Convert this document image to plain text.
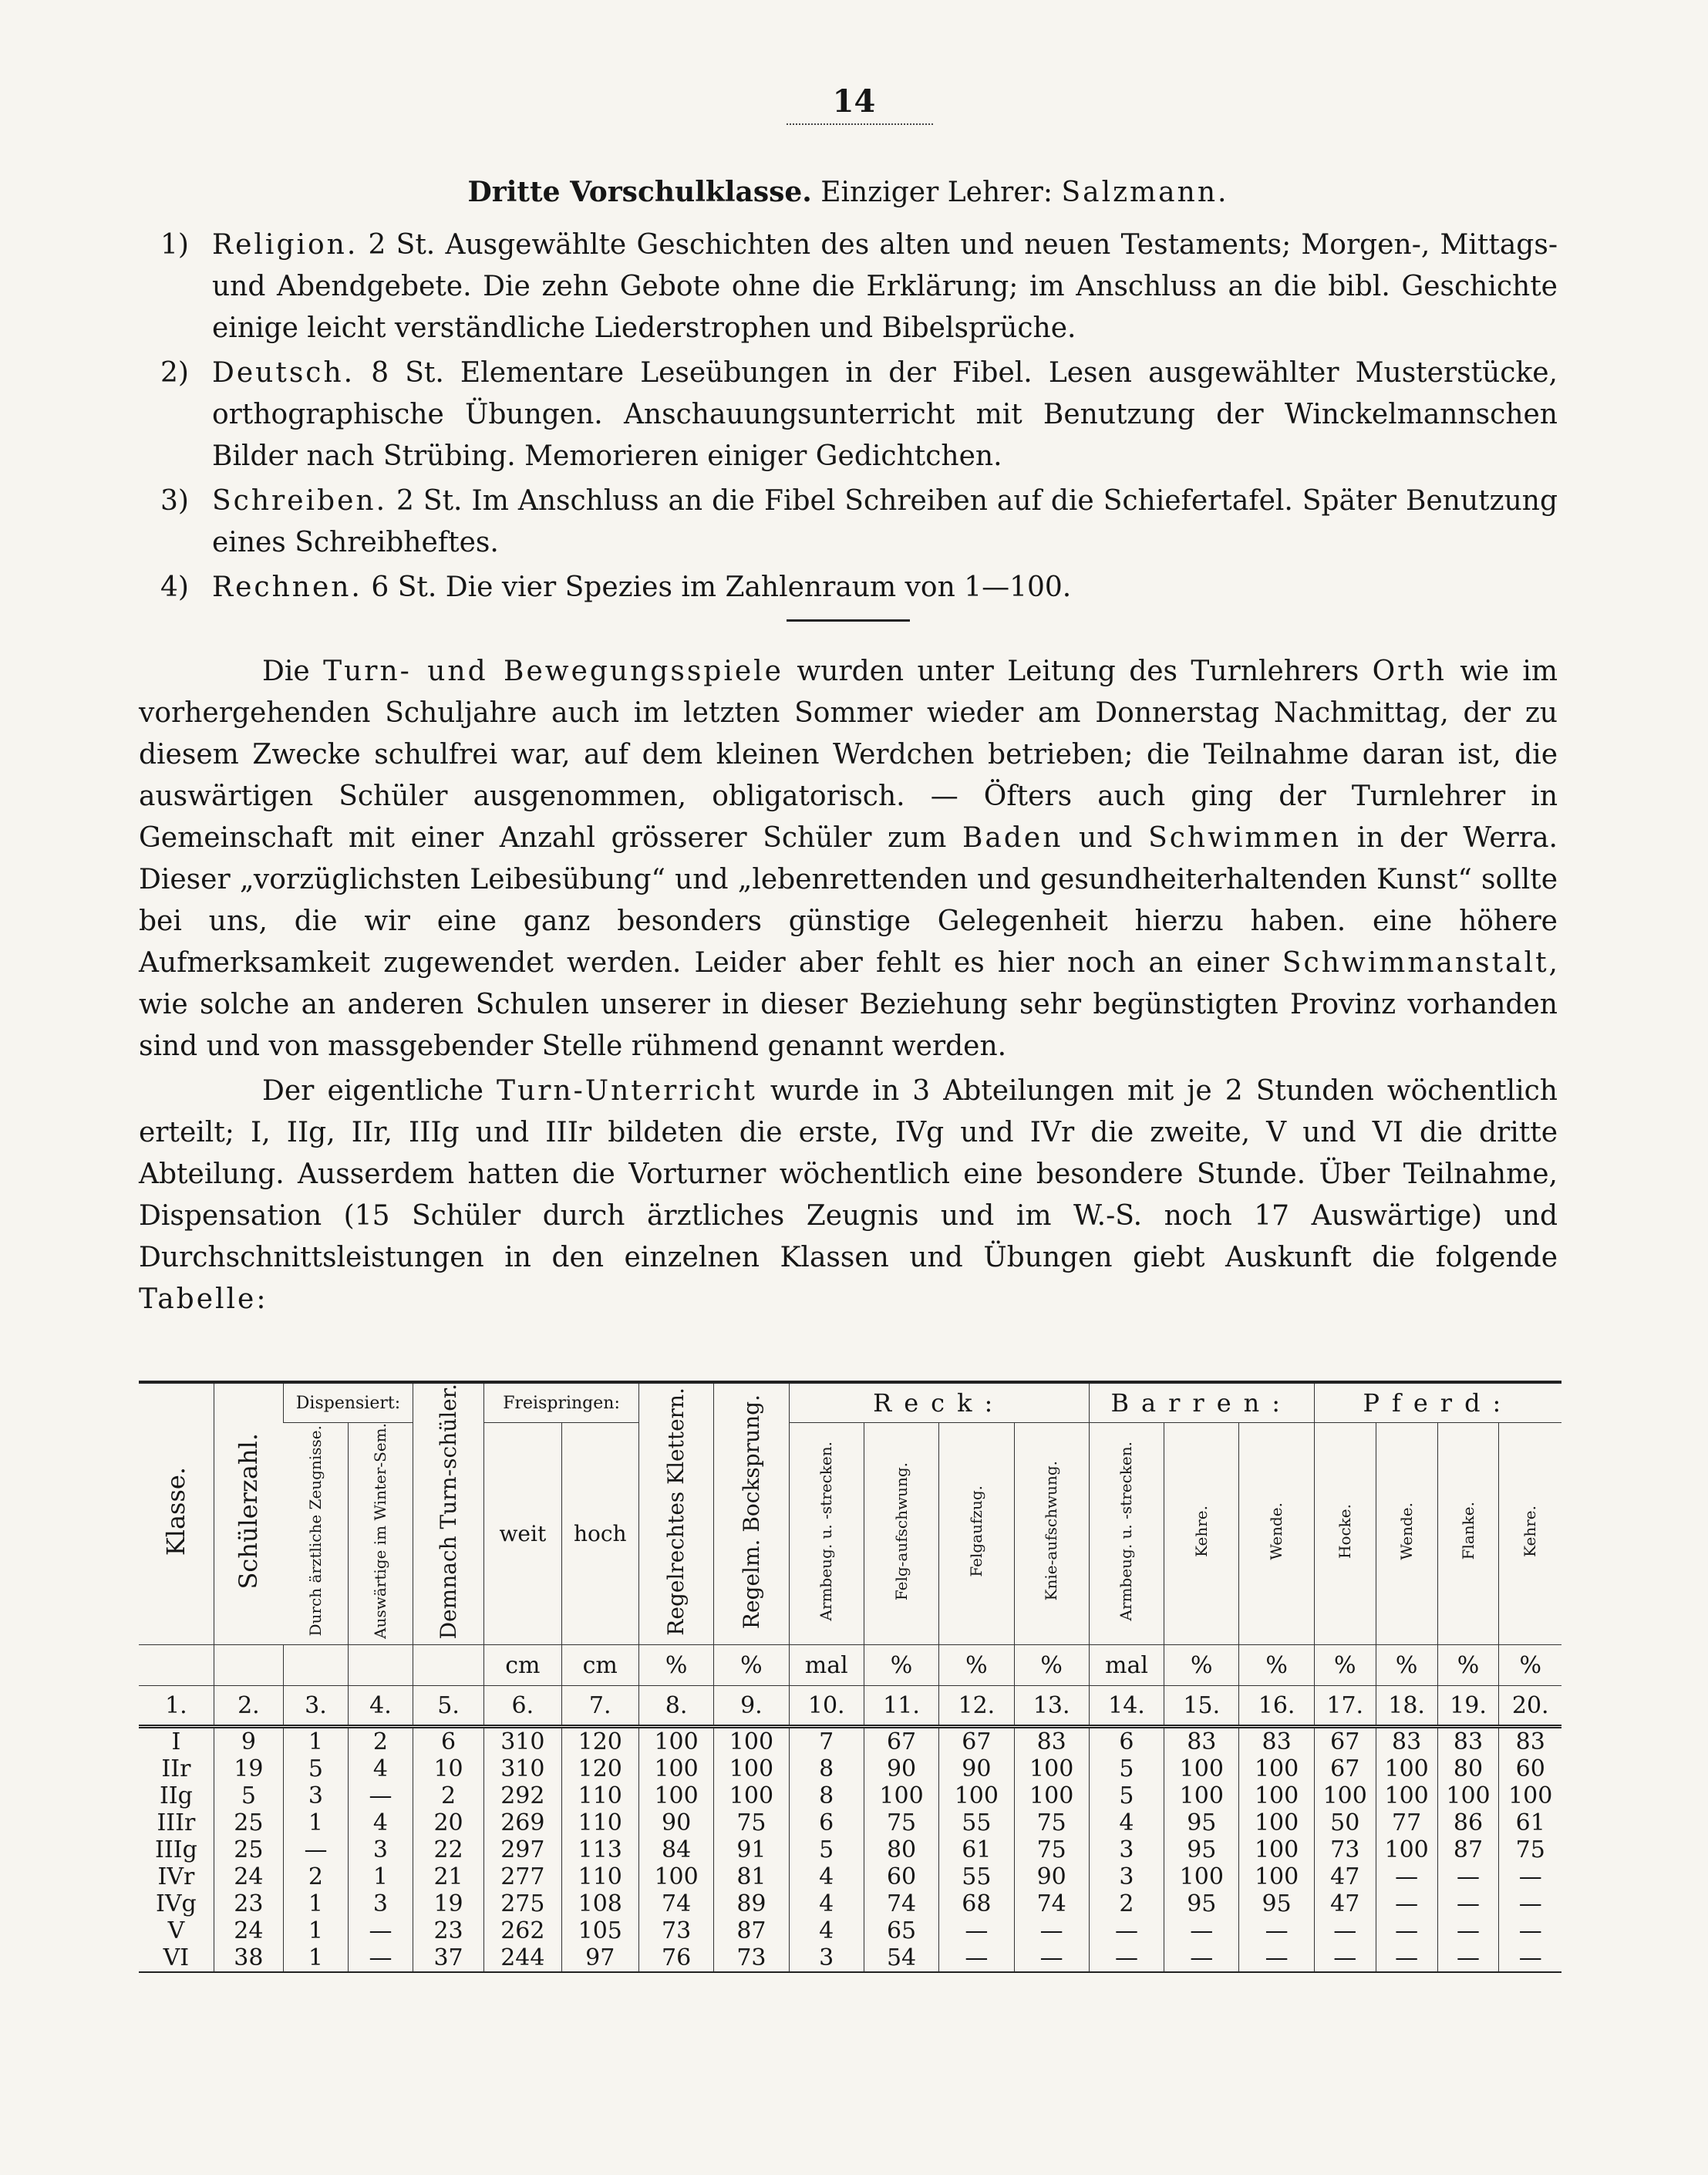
14
Dritte Vorschulklasse. Einziger Lehrer: Salzmann.
1) Religion. 2 St. Ausgewählte Geschichten des alten und neuen Testaments; Morgen-, Mittags- und Abendgebete. Die zehn Gebote ohne die Erklärung; im Anschluss an die bibl. Geschichte einige leicht verständliche Liederstrophen und Bibelsprüche.
2) Deutsch. 8 St. Elementare Leseübungen in der Fibel. Lesen ausgewählter Musterstücke, orthographische Übungen. Anschauungsunterricht mit Benutzung der Winckelmannschen Bilder nach Strübing. Memorieren einiger Gedichtchen.
3) Schreiben. 2 St. Im Anschluss an die Fibel Schreiben auf die Schiefertafel. Später Benutzung eines Schreibheftes.
4) Rechnen. 6 St. Die vier Spezies im Zahlenraum von 1—100.

Die Turn- und Bewegungsspiele wurden unter Leitung des Turnlehrers Orth wie im vorhergehenden Schuljahre auch im letzten Sommer wieder am Donnerstag Nachmittag, der zu diesem Zwecke schulfrei war, auf dem kleinen Werdchen betrieben; die Teilnahme daran ist, die auswärtigen Schüler ausgenommen, obligatorisch. — Öfters auch ging der Turnlehrer in Gemeinschaft mit einer Anzahl grösserer Schüler zum Baden und Schwimmen in der Werra. Dieser „vorzüglichsten Leibesübung“ und „lebenrettenden und gesundheiterhaltenden Kunst“ sollte bei uns, die wir eine ganz besonders günstige Gelegenheit hierzu haben. eine höhere Aufmerksamkeit zugewendet werden. Leider aber fehlt es hier noch an einer Schwimmanstalt, wie solche an anderen Schulen unserer in dieser Beziehung sehr begünstigten Provinz vorhanden sind und von massgebender Stelle rühmend genannt werden.

Der eigentliche Turn-Unterricht wurde in 3 Abteilungen mit je 2 Stunden wöchentlich erteilt; I, IIg, IIr, IIIg und IIIr bildeten die erste, IVg und IVr die zweite, V und VI die dritte Abteilung. Ausserdem hatten die Vorturner wöchentlich eine besondere Stunde. Über Teilnahme, Dispensation (15 Schüler durch ärztliches Zeugnis und im W.-S. noch 17 Auswärtige) und Durchschnittsleistungen in den einzelnen Klassen und Übungen giebt Auskunft die folgende Tabelle:

Klasse.	Schülerzahl.	Dispensiert:		Demnach Turn-schüler.	Freispringen:		Regelrechtes Klettern.	Regelm. Bocksprung.	Reck:				Barren:			Pferd:			
		Durch ärztliche Zeugnisse.	Auswärtige im Winter-Sem.		weit	hoch			Armbeug. u. -strecken.	Felg-aufschwung.	Felgaufzug.	Knie-aufschwung.	Armbeug. u. -strecken.	Kehre.	Wende.	Hocke.	Wende.	Flanke.	Kehre.

					cm	cm	%	%	mal	%	%	%	mal	%	%	%	%	%	%
1.	2.	3.	4.	5.	6.	7.	8.	9.	10.	11.	12.	13.	14.	15.	16.	17.	18.	19.	20.
I	9	1	2	6	310	120	100	100	7	67	67	83	6	83	83	67	83	83	83
IIr	19	5	4	10	310	120	100	100	8	90	90	100	5	100	100	67	100	80	60
IIg	5	3	—	2	292	110	100	100	8	100	100	100	5	100	100	100	100	100	100
IIIr	25	1	4	20	269	110	90	75	6	75	55	75	4	95	100	50	77	86	61
IIIg	25	—	3	22	297	113	84	91	5	80	61	75	3	95	100	73	100	87	75
IVr	24	2	1	21	277	110	100	81	4	60	55	90	3	100	100	47	—	—	—
IVg	23	1	3	19	275	108	74	89	4	74	68	74	2	95	95	47	—	—	—
V	24	1	—	23	262	105	73	87	4	65	—	—	—	—	—	—	—	—	—
VI	38	1	—	37	244	97	76	73	3	54	—	—	—	—	—	—	—	—	—
